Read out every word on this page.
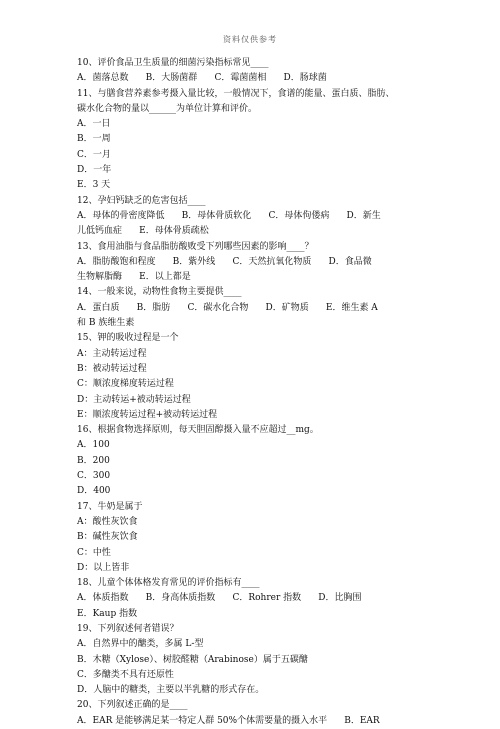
资料仅供参考
10、评价食品卫生质量的细菌污染指标常见____
A．菌落总数      B．大肠菌群      C．霉菌菌相      D．肠球菌
11、与膳食营养素参考摄入量比较，一般情况下，食谱的能量、蛋白质、脂肪、
碳水化合物的量以______为单位计算和评价。
A．一日
B．一周
C．一月
D．一年
E．3 天
12、孕妇钙缺乏的危害包括____
A．母体的骨密度降低      B．母体骨质软化      C．母体佝偻病      D．新生
儿低钙血症      E．母体骨质疏松
13、食用油脂与食品脂肪酸败受下列哪些因素的影响____？
A．脂肪酸饱和程度      B．紫外线      C．天然抗氧化物质      D．食品微
生物解脂酶      E．以上都是
14、一般来说，动物性食物主要提供____
A．蛋白质      B．脂肪      C．碳水化合物      D．矿物质      E．维生素 A
和 B 族维生素
15、钾的吸收过程是一个
A：主动转运过程
B：被动转运过程
C：顺浓度梯度转运过程
D：主动转运+被动转运过程
E：顺浓度转运过程+被动转运过程
16、根据食物选择原则，每天胆固醇摄入量不应超过__mg。
A．100
B．200
C．300
D．400
17、牛奶是属于
A：酸性灰饮食
B：碱性灰饮食
C：中性
D：以上皆非
18、儿童个体体格发育常见的评价指标有____
A．体质指数      B．身高体质指数      C．Rohrer 指数      D．比胸围
E．Kaup 指数
19、下列叙述何者错误？
A．自然界中的醣类，多属 L-型
B．木糖（Xylose）、树胶醛糖（Arabinose）属于五碳醣
C．多醣类不具有还原性
D．人脑中的糖类，主要以半乳糖的形式存在。
20、下列叙述正确的是____
A．EAR 是能够满足某一特定人群 50%个体需要量的摄入水平      B．EAR
